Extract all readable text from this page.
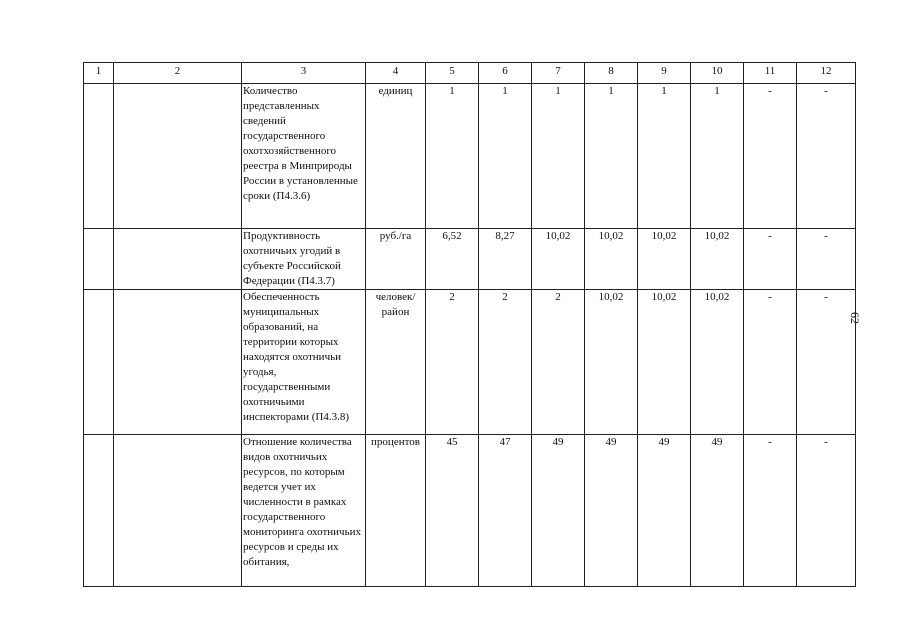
1	2	3	4	5	6	7	8	9	10	11	12
		Количество представленных сведений государственного охотхозяйственного реестра в Минприроды России в установленные сроки (П4.3.6)	единиц	1	1	1	1	1	1	-	-
		Продуктивность охотничьих угодий в субъекте Российской Федерации (П4.3.7)	руб./га	6,52	8,27	10,02	10,02	10,02	10,02	-	-
		Обеспеченность муниципальных образований, на территории которых находятся охотничьи угодья, государственными охотничьими инспекторами (П4.3.8)	человек/ район	2	2	2	10,02	10,02	10,02	-	-
		Отношение количества видов охотничьих ресурсов, по которым ведется учет их численности в рамках государственного мониторинга охотничьих ресурсов и среды их обитания,	процентов	45	47	49	49	49	49	-	-
62
